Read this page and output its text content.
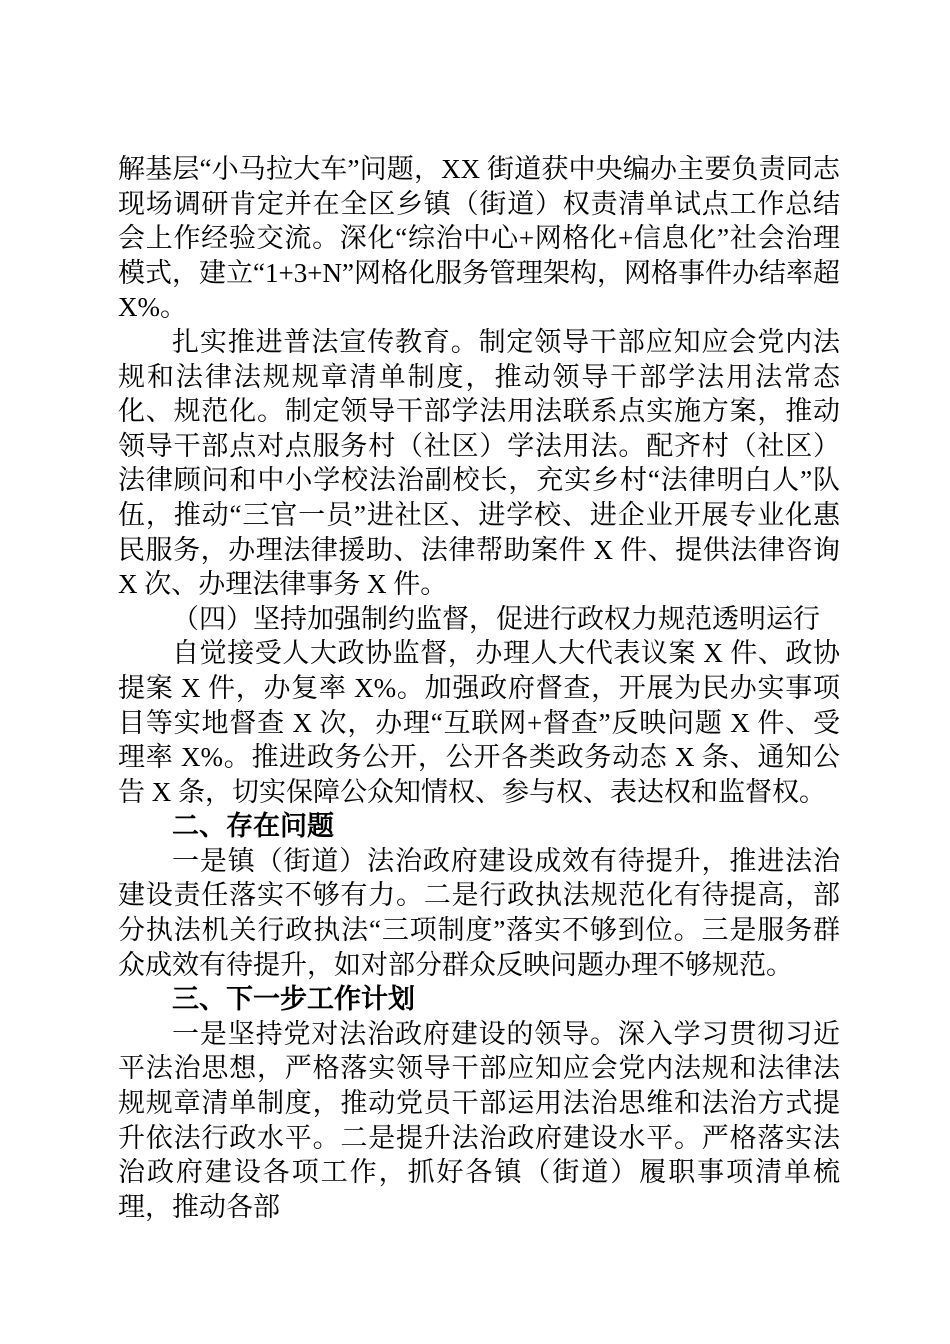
解基层“小马拉大车”问题，XX 街道获中央编办主要负责同志现场调研肯定并在全区乡镇（街道）权责清单试点工作总结会上作经验交流。深化“综治中心+网格化+信息化”社会治理模式，建立“1+3+N”网格化服务管理架构，网格事件办结率超 X%。
扎实推进普法宣传教育。制定领导干部应知应会党内法规和法律法规规章清单制度，推动领导干部学法用法常态化、规范化。制定领导干部学法用法联系点实施方案，推动领导干部点对点服务村（社区）学法用法。配齐村（社区）法律顾问和中小学校法治副校长，充实乡村“法律明白人”队伍，推动“三官一员”进社区、进学校、进企业开展专业化惠民服务，办理法律援助、法律帮助案件 X 件、提供法律咨询 X 次、办理法律事务 X 件。
（四）坚持加强制约监督，促进行政权力规范透明运行
自觉接受人大政协监督，办理人大代表议案 X 件、政协提案 X 件，办复率 X%。加强政府督查，开展为民办实事项目等实地督查 X 次，办理“互联网+督查”反映问题 X 件、受理率 X%。推进政务公开，公开各类政务动态 X 条、通知公告 X 条，切实保障公众知情权、参与权、表达权和监督权。
二、存在问题
一是镇（街道）法治政府建设成效有待提升，推进法治建设责任落实不够有力。二是行政执法规范化有待提高，部分执法机关行政执法“三项制度”落实不够到位。三是服务群众成效有待提升，如对部分群众反映问题办理不够规范。
三、下一步工作计划
一是坚持党对法治政府建设的领导。深入学习贯彻习近平法治思想，严格落实领导干部应知应会党内法规和法律法规规章清单制度，推动党员干部运用法治思维和法治方式提升依法行政水平。二是提升法治政府建设水平。严格落实法治政府建设各项工作，抓好各镇（街道）履职事项清单梳理，推动各部
